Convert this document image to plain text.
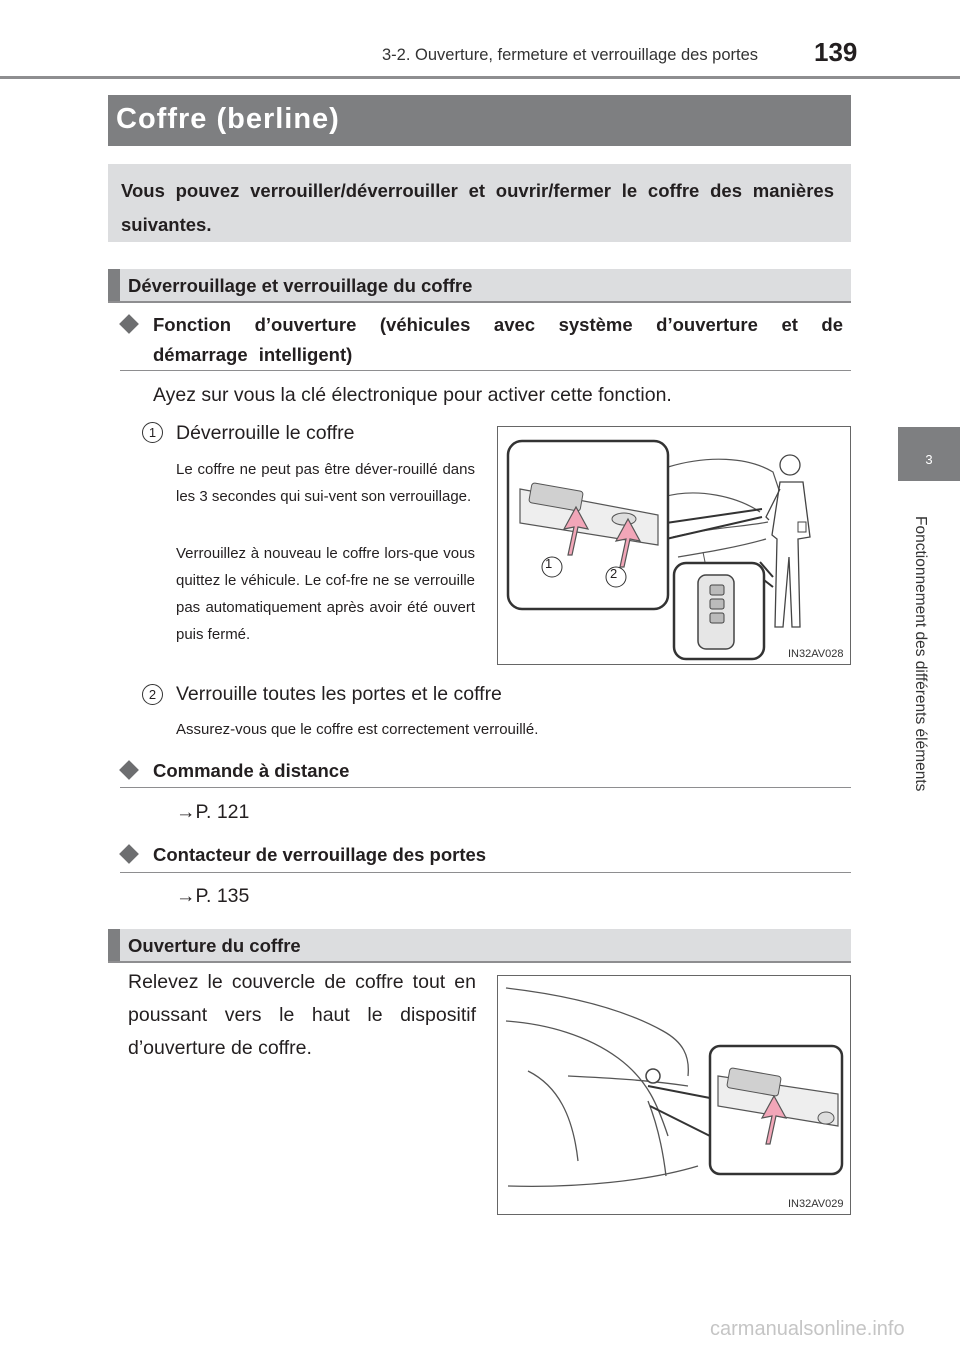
3-2. Ouverture, fermeture et verrouillage des portes 139
3
Fonctionnement des différents éléments
Coffre (berline)
Vous pouvez verrouiller/déverrouiller et ouvrir/fermer le coffre des manières suivantes.
Déverrouillage et verrouillage du coffre
Fonction d’ouverture (véhicules avec système d’ouverture et de démarrage intelligent)
Ayez sur vous la clé électronique pour activer cette fonction.
1	Déverrouille le coffre
Le coffre ne peut pas être déver-rouillé dans les 3 secondes qui sui-vent son verrouillage.
Verrouillez à nouveau le coffre lors-que vous quittez le véhicule. Le cof-fre ne se verrouille pas automatiquement après avoir été ouvert puis fermé.
1
2
IN32AV028
2	Verrouille toutes les portes et le coffre
Assurez-vous que le coffre est correctement verrouillé.
Commande à distance
→P. 121
Contacteur de verrouillage des portes
→P. 135
Ouverture du coffre
Relevez le couvercle de coffre tout en poussant vers le haut le dispositif d’ouverture de coffre.
IN32AV029
carmanualsonline.info
